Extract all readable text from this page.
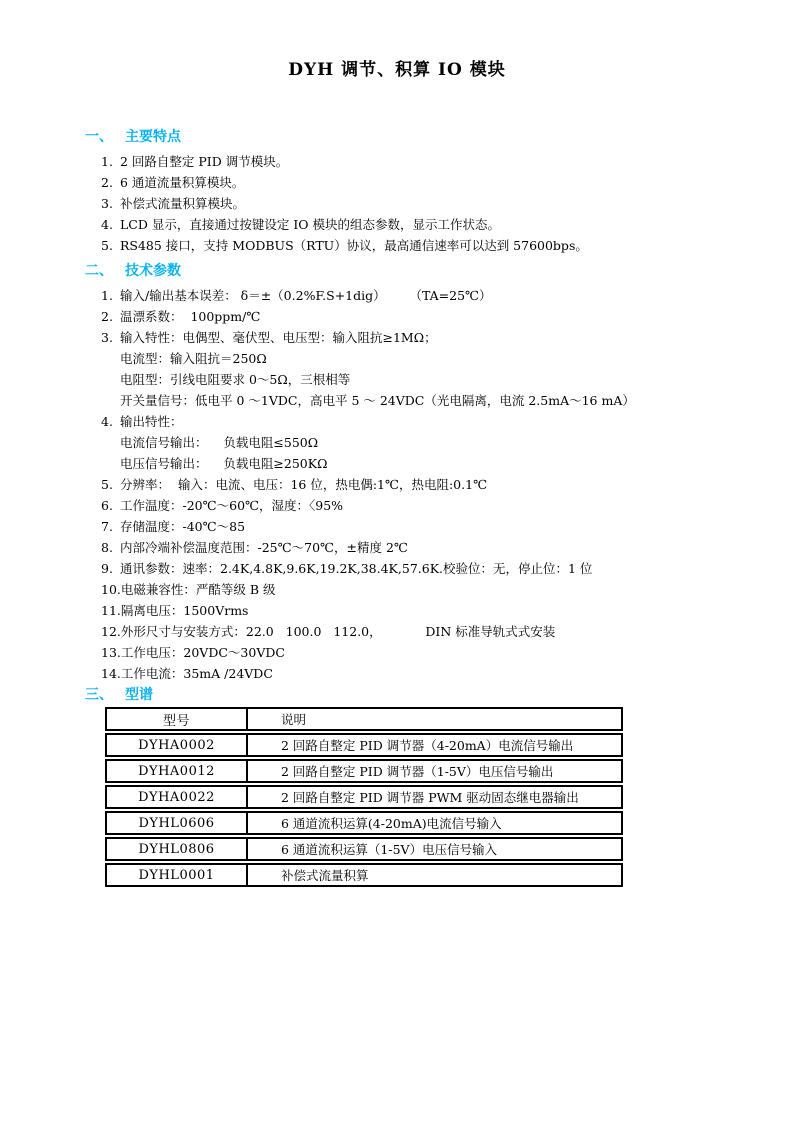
DYH 调节、积算 IO 模块
一、 主要特点
1. 2 回路自整定 PID 调节模块。
2. 6 通道流量积算模块。
3. 补偿式流量积算模块。
4. LCD 显示，直接通过按键设定 IO 模块的组态参数，显示工作状态。
5. RS485 接口，支持 MODBUS（RTU）协议，最高通信速率可以达到 57600bps。
二、 技术参数
1. 输入/输出基本误差： δ＝±（0.2%F.S+1dig）      （TA=25℃）
2. 温漂系数：  100ppm/℃
3. 输入特性：电偶型、毫伏型、电压型：输入阻抗≥1MΩ；
电流型：输入阻抗＝250Ω
电阻型：引线电阻要求 0～5Ω，三根相等
开关量信号：低电平 0 ～1VDC，高电平 5 ～ 24VDC（光电隔离，电流 2.5mA～16 mA）
4. 输出特性：
电流信号输出：    负载电阻≤550Ω
电压信号输出：    负载电阻≥250KΩ
5. 分辨率：  输入：电流、电压：16 位，热电偶:1℃，热电阻:0.1℃
6. 工作温度：-20℃～60℃，湿度：〈95%
7. 存储温度：-40℃～85
8. 内部冷端补偿温度范围：-25℃～70℃，±精度 2℃
9. 通讯参数：速率：2.4K,4.8K,9.6K,19.2K,38.4K,57.6K.校验位：无，停止位：1 位
10. 电磁兼容性：严酷等级 B 级
11. 隔离电压：1500Vrms
12. 外形尺寸与安装方式：22.0   100.0   112.0，　　　　DIN 标准导轨式式安装
13. 工作电压：20VDC～30VDC
14. 工作电流：35mA /24VDC
三、 型谱
型号	说明
DYHA0002	2 回路自整定 PID 调节器（4-20mA）电流信号输出
DYHA0012	2 回路自整定 PID 调节器（1-5V）电压信号输出
DYHA0022	2 回路自整定 PID 调节器 PWM 驱动固态继电器输出
DYHL0606	6 通道流积运算(4-20mA)电流信号输入
DYHL0806	6 通道流积运算（1-5V）电压信号输入
DYHL0001	补偿式流量积算
